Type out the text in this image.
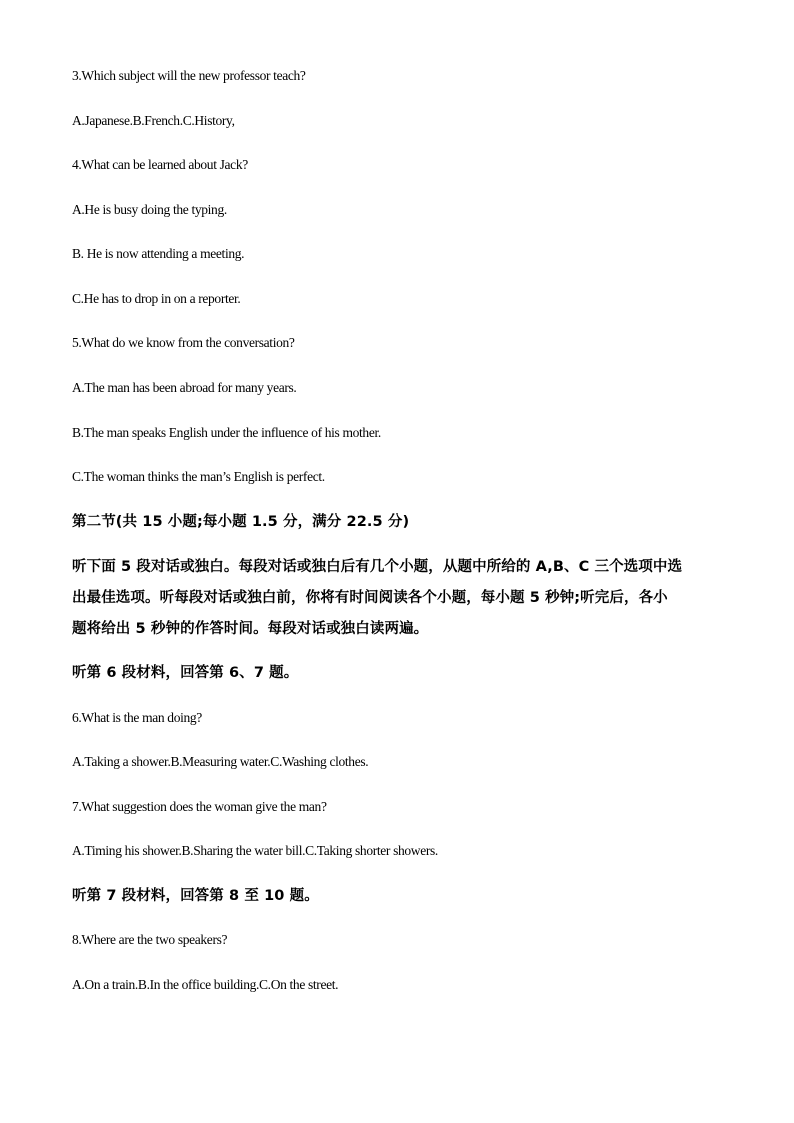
3.Which subject will the new professor teach?
A.Japanese.B.French.C.History,
4.What can be learned about Jack?
A.He is busy doing the typing.
B. He is now attending a meeting.
C.He has to drop in on a reporter.
5.What do we know from the conversation?
A.The man has been abroad for many years.
B.The man speaks English under the influence of his mother.
C.The woman thinks the man’s English is perfect.
第二节(共 15 小题;每小题 1.5 分，满分 22.5 分)
听下面 5 段对话或独白。每段对话或独白后有几个小题，从题中所给的 A,B、C 三个选项中选
出最佳选项。听每段对话或独白前，你将有时间阅读各个小题，每小题 5 秒钟;听完后，各小
题将给出 5 秒钟的作答时间。每段对话或独白读两遍。
听第 6 段材料，回答第 6、7 题。
6.What is the man doing?
A.Taking a shower.B.Measuring water.C.Washing clothes.
7.What suggestion does the woman give the man?
A.Timing his shower.B.Sharing the water bill.C.Taking shorter showers.
听第 7 段材料，回答第 8 至 10 题。
8.Where are the two speakers?
A.On a train.B.In the office building.C.On the street.
